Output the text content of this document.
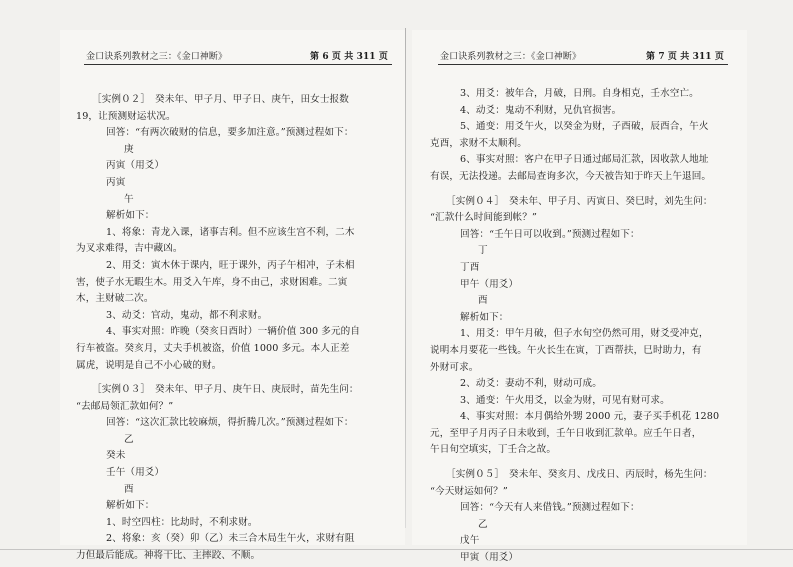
金口诀系列教材之三：《金口神断》	第 6 页 共 311 页
［实例０２］　癸未年、甲子月、甲子日、庚午，田女士报数
19，让预测财运状况。
回答：“有两次破财的信息，要多加注意。”预测过程如下：
庚
丙寅（用爻）
丙寅
午
解析如下：
1、将象：青龙入课，诸事吉利。但不应该生宫不利，二木
为叉求难得，吉中藏凶。
2、用爻：寅木休于课内，旺于课外，丙子午相冲，子未相
害，使子水无暇生木。用爻入午库，身不由己，求财困难。二寅
木，主财破二次。
3、动爻：官动，鬼动，都不利求财。
4、事实对照：昨晚（癸亥日酉时）一辆价值 300 多元的自
行车被盗。癸亥月，丈夫手机被盗，价值 1000 多元。本人正差
属虎，说明是自己不小心破的财。
［实例０３］　癸未年、甲子月、庚午日、庚辰时，苗先生问：
“去邮局领汇款如何？”
回答：“这次汇款比较麻烦，得折腾几次。”预测过程如下：
乙
癸未
壬午（用爻）
酉
解析如下：
1、时空四柱：比劫时，不利求财。
2、将象：亥（癸）卯（乙）未三合木局生午火，求财有阻
力但最后能成。神将干比、主摔跤、不顺。
金口诀系列教材之三：《金口神断》	第 7 页 共 311 页
3、用爻：被年合，月破，日刑。自身相克，壬水空亡。
4、动爻：鬼动不利财，兄仇官损害。
5、通变：用爻午火，以癸金为财，子酉破，辰酉合，午火
克酉，求财不太顺利。
6、事实对照：客户在甲子日通过邮局汇款，因收款人地址
有误，无法投递。去邮局查询多次，今天被告知于昨天上午退回。
［实例０４］　癸未年、甲子月、丙寅日、癸巳时，刘先生问：
“汇款什么时间能到帐？”
回答：“壬午日可以收到。”预测过程如下：
丁
丁酉
甲午（用爻）
酉
解析如下：
1、用爻：甲午月破，但子水旬空仍然可用，财爻受冲克，
说明本月要花一些钱。午火长生在寅，丁酉帮扶，巳时助力，有
外财可求。
2、动爻：妻动不利，财动可成。
3、通变：午火用爻，以金为财，可见有财可求。
4、事实对照：本月偶给外甥 2000 元，妻子买手机花 1280
元，至甲子月丙子日未收到，壬午日收到汇款单。应壬午日者，
午日旬空填实，丁壬合之故。
［实例０５］　癸未年、癸亥月、戊戌日、丙辰时，杨先生问：
“今天财运如何？”
回答：“今天有人来借钱。”预测过程如下：
乙
戊午
甲寅（用爻）
